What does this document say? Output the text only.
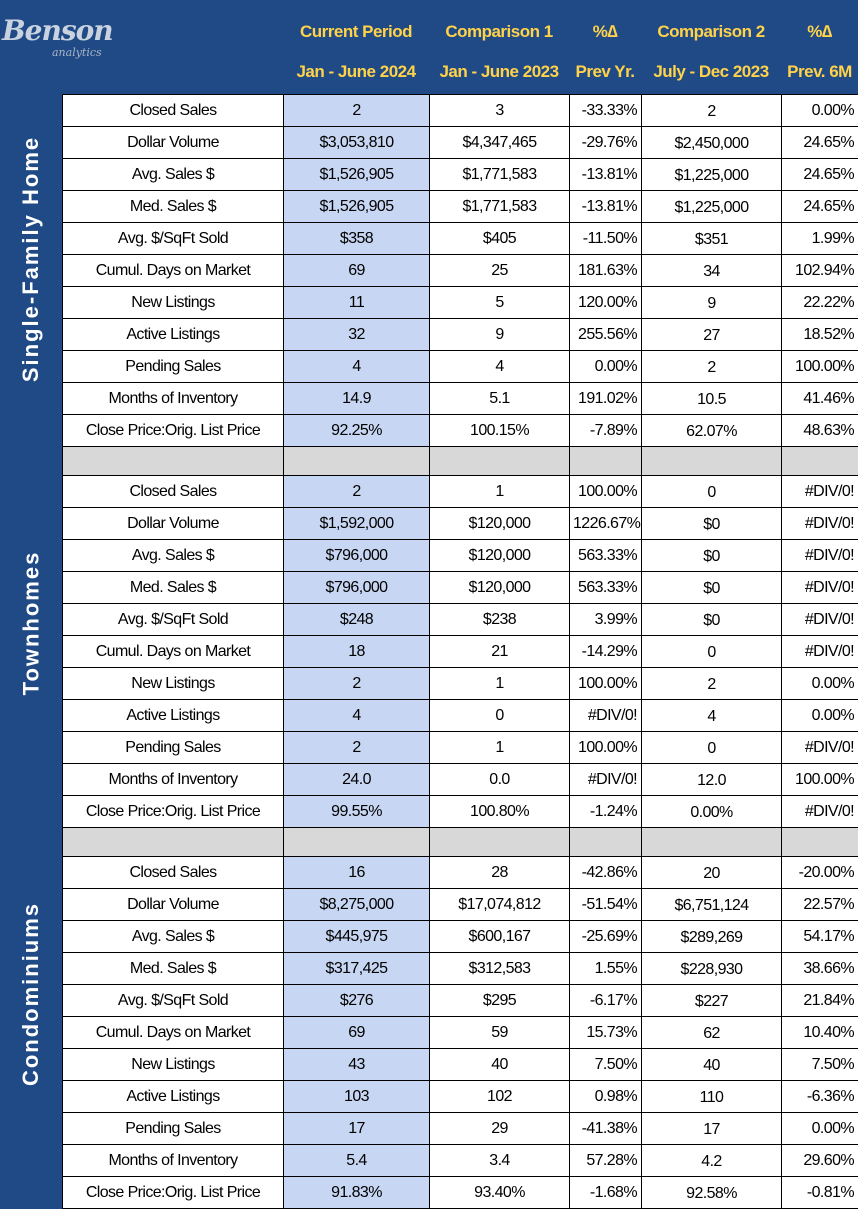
Benson
analytics
Current Period
Jan - June 2024
Comparison 1
Jan - June 2023
%∆
Prev Yr.
Comparison 2
July - Dec 2023
%∆
Prev. 6M
Single-Family Home
Townhomes
Condominiums
Closed Sales	2	3	-33.33%	2	0.00%
Dollar Volume	$3,053,810	$4,347,465	-29.76%	$2,450,000	24.65%
Avg. Sales $	$1,526,905	$1,771,583	-13.81%	$1,225,000	24.65%
Med. Sales $	$1,526,905	$1,771,583	-13.81%	$1,225,000	24.65%
Avg. $/SqFt Sold	$358	$405	-11.50%	$351	1.99%
Cumul. Days on Market	69	25	181.63%	34	102.94%
New Listings	11	5	120.00%	9	22.22%
Active Listings	32	9	255.56%	27	18.52%
Pending Sales	4	4	0.00%	2	100.00%
Months of Inventory	14.9	5.1	191.02%	10.5	41.46%
Close Price:Orig. List Price	92.25%	100.15%	-7.89%	62.07%	48.63%

Closed Sales	2	1	100.00%	0	#DIV/0!
Dollar Volume	$1,592,000	$120,000	1226.67%	$0	#DIV/0!
Avg. Sales $	$796,000	$120,000	563.33%	$0	#DIV/0!
Med. Sales $	$796,000	$120,000	563.33%	$0	#DIV/0!
Avg. $/SqFt Sold	$248	$238	3.99%	$0	#DIV/0!
Cumul. Days on Market	18	21	-14.29%	0	#DIV/0!
New Listings	2	1	100.00%	2	0.00%
Active Listings	4	0	#DIV/0!	4	0.00%
Pending Sales	2	1	100.00%	0	#DIV/0!
Months of Inventory	24.0	0.0	#DIV/0!	12.0	100.00%
Close Price:Orig. List Price	99.55%	100.80%	-1.24%	0.00%	#DIV/0!

Closed Sales	16	28	-42.86%	20	-20.00%
Dollar Volume	$8,275,000	$17,074,812	-51.54%	$6,751,124	22.57%
Avg. Sales $	$445,975	$600,167	-25.69%	$289,269	54.17%
Med. Sales $	$317,425	$312,583	1.55%	$228,930	38.66%
Avg. $/SqFt Sold	$276	$295	-6.17%	$227	21.84%
Cumul. Days on Market	69	59	15.73%	62	10.40%
New Listings	43	40	7.50%	40	7.50%
Active Listings	103	102	0.98%	110	-6.36%
Pending Sales	17	29	-41.38%	17	0.00%
Months of Inventory	5.4	3.4	57.28%	4.2	29.60%
Close Price:Orig. List Price	91.83%	93.40%	-1.68%	92.58%	-0.81%
